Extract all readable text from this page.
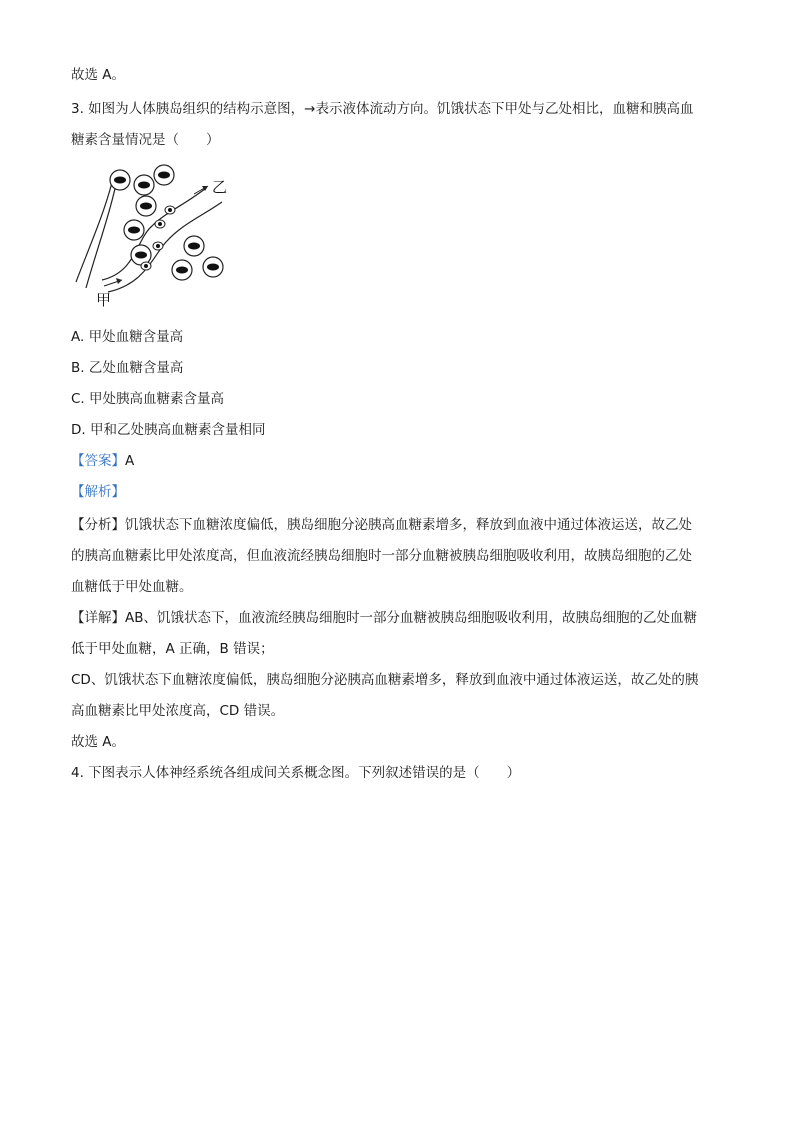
故选 A。
3. 如图为人体胰岛组织的结构示意图，→表示液体流动方向。饥饿状态下甲处与乙处相比，血糖和胰高血
糖素含量情况是（　　）
乙
甲
A. 甲处血糖含量高
B. 乙处血糖含量高
C. 甲处胰高血糖素含量高
D. 甲和乙处胰高血糖素含量相同
【答案】A
【解析】
【分析】饥饿状态下血糖浓度偏低，胰岛细胞分泌胰高血糖素增多，释放到血液中通过体液运送，故乙处
的胰高血糖素比甲处浓度高，但血液流经胰岛细胞时一部分血糖被胰岛细胞吸收利用，故胰岛细胞的乙处
血糖低于甲处血糖。
【详解】AB、饥饿状态下，血液流经胰岛细胞时一部分血糖被胰岛细胞吸收利用，故胰岛细胞的乙处血糖
低于甲处血糖，A 正确，B 错误；
CD、饥饿状态下血糖浓度偏低，胰岛细胞分泌胰高血糖素增多，释放到血液中通过体液运送，故乙处的胰
高血糖素比甲处浓度高，CD 错误。
故选 A。
4. 下图表示人体神经系统各组成间关系概念图。下列叙述错误的是（　　）
